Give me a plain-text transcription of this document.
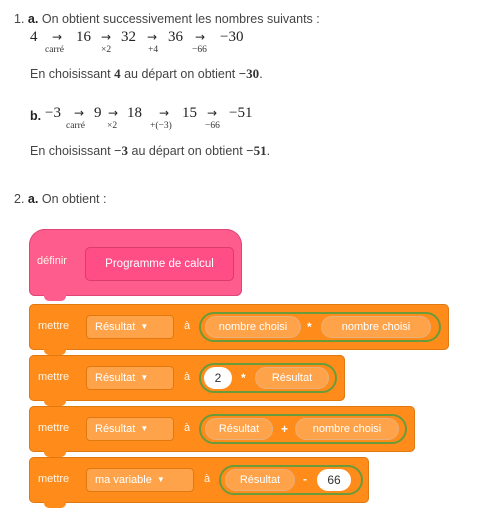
1. a. On obtient successivement les nombres suivants :
4 →
carré
16 →
×2
32 →
+4
36 →
−66
−30
En choisissant 4 au départ on obtient −30.
b. −3 →
carré
9 →
×2
18 →
+(−3)
15 →
−66
−51
En choisissant −3 au départ on obtient −51.
2. a. On obtient :
définir	Programme de calcul
mettre	Résultat ▼	à	nombre choisi	*	nombre choisi
mettre	Résultat ▼	à	2	*	Résultat
mettre	Résultat ▼	à	Résultat	+	nombre choisi
mettre	ma variable ▼	à	Résultat	-	66
